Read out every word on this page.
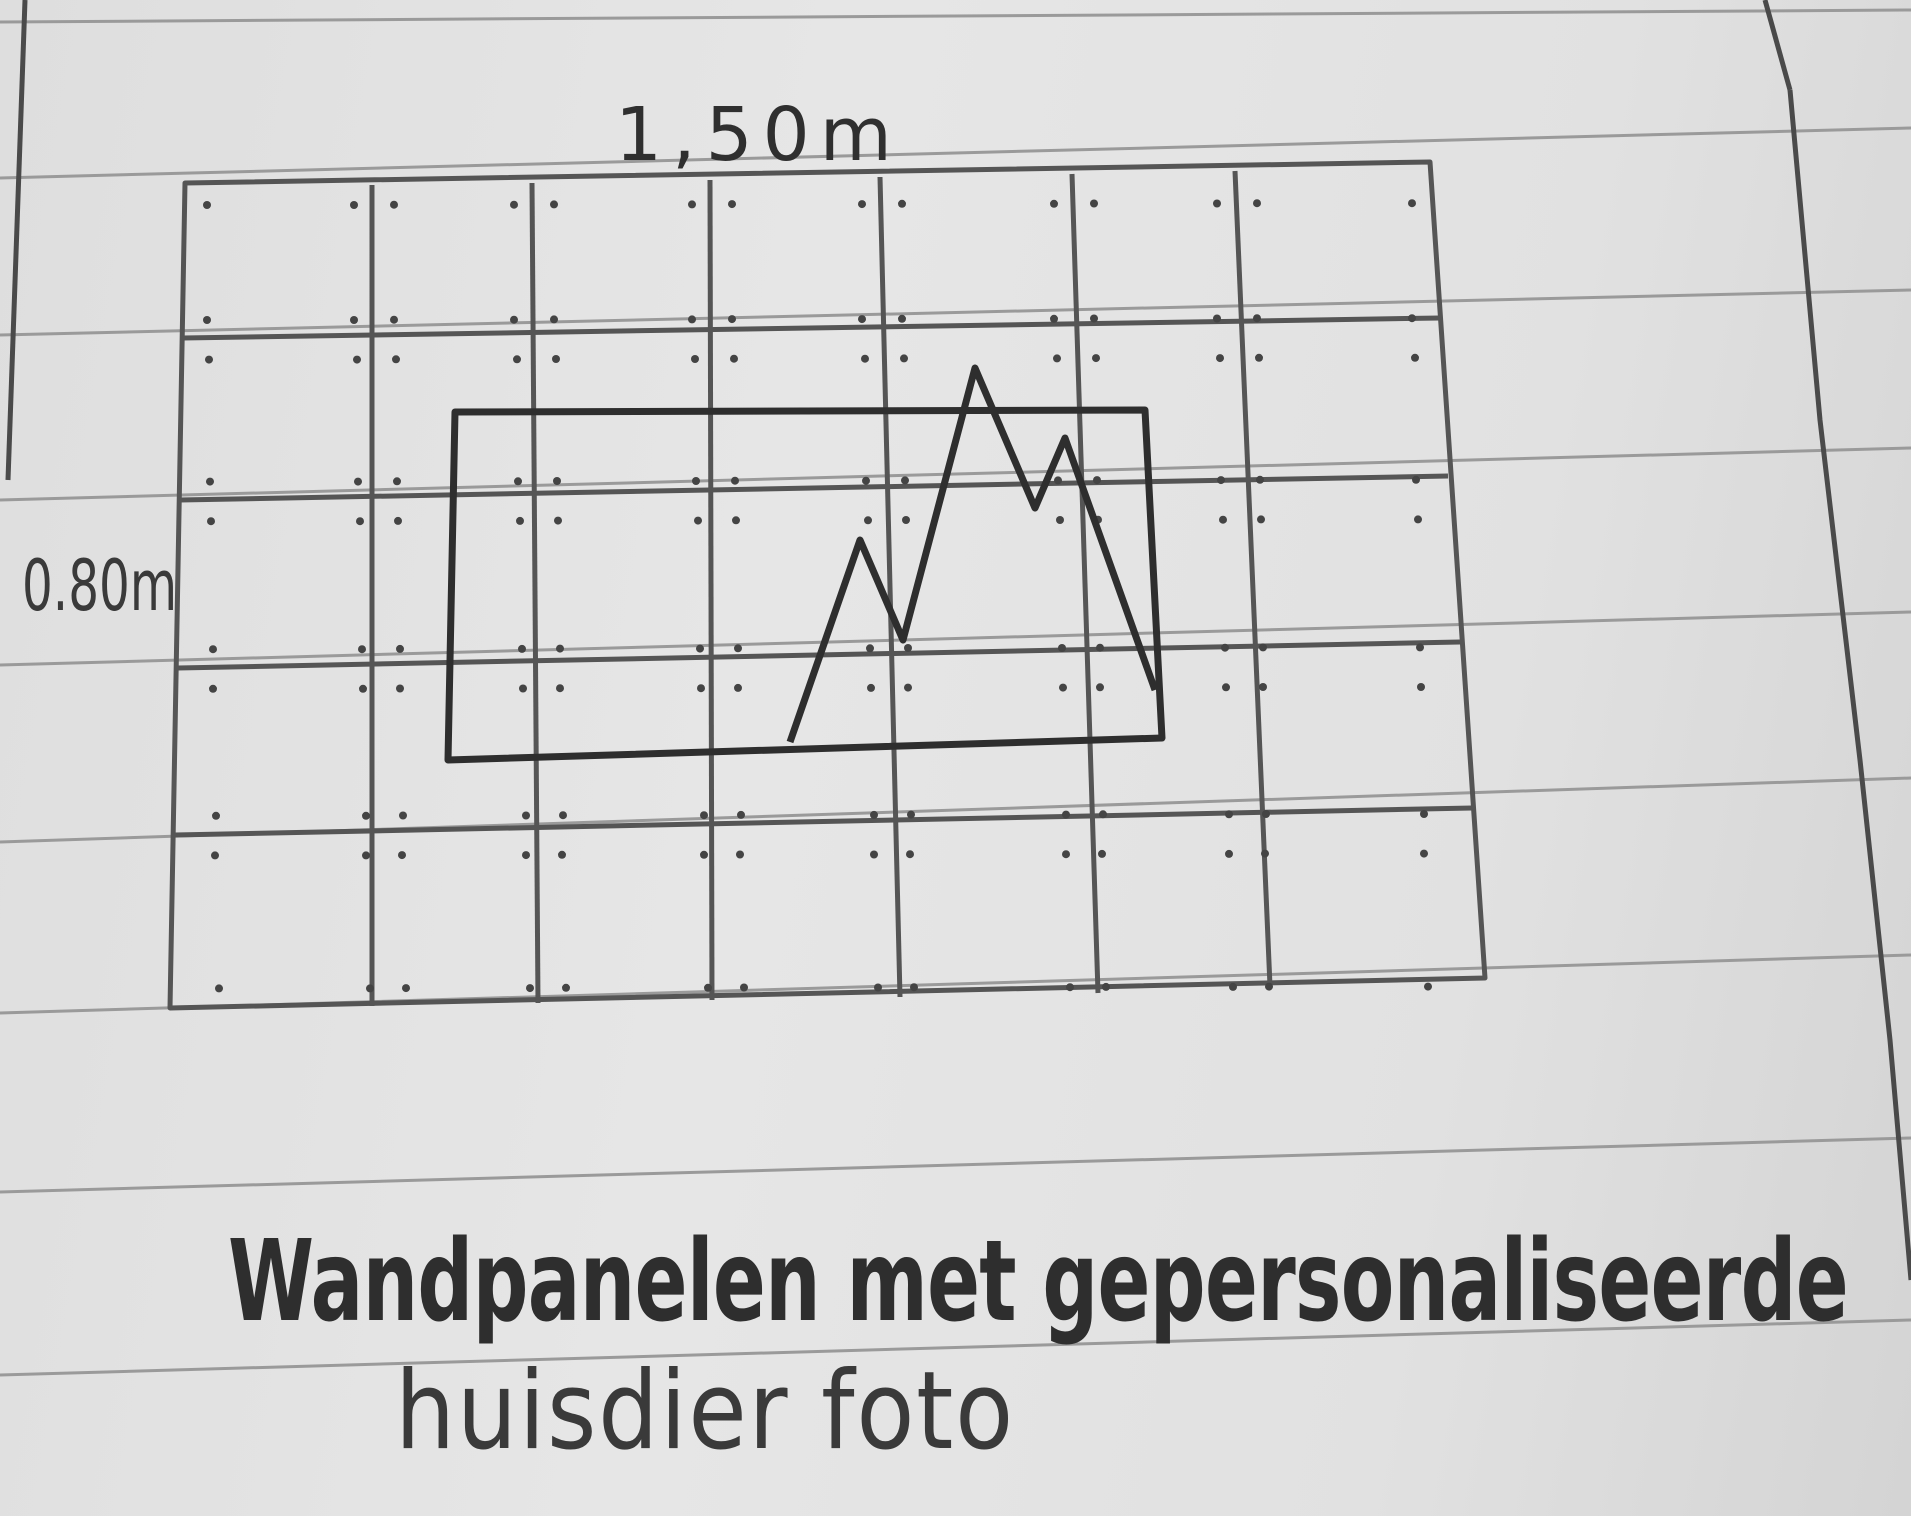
1,50m
0.80m
Wandpanelen met gepersonaliseerde
huisdier foto
